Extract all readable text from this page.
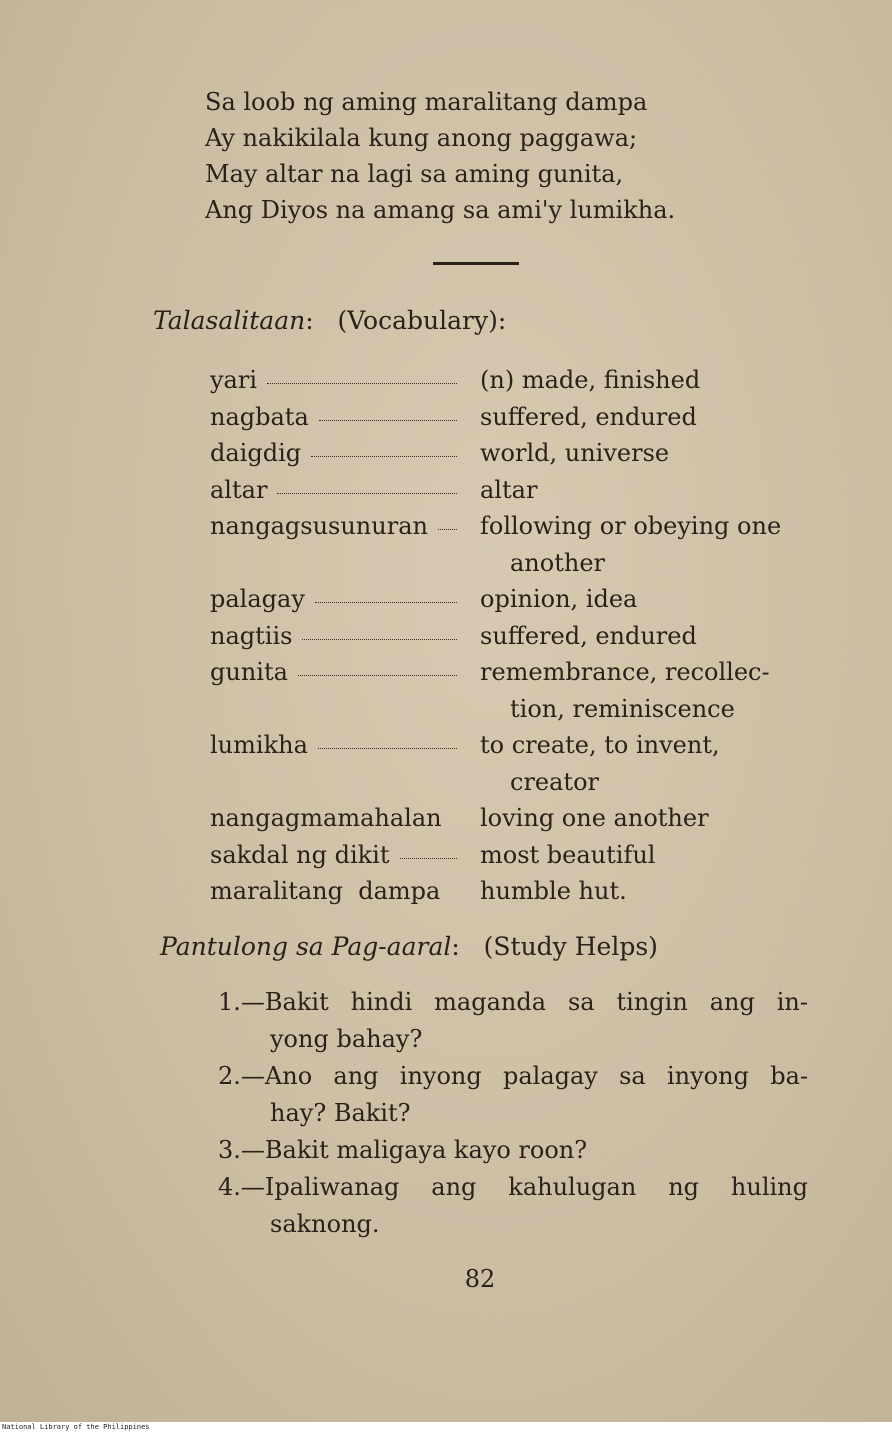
Sa loob ng aming maralitang dampa
Ay nakikilala kung anong paggawa;
May altar na lagi sa aming gunita,
Ang Diyos na amang sa ami'y lumikha.
Talasalitaan: (Vocabulary):
yari	(n) made, finished
nagbata	suffered, endured
daigdig	world, universe
altar	altar
nangagsusunuran	following or obeying one
another
palagay	opinion, idea
nagtiis	suffered, endured
gunita	remembrance, recollec-
tion, reminiscence
lumikha	to create, to invent,
creator
nangagmamahalan	loving one another
sakdal ng dikit	most beautiful
maralitang  dampa	humble hut.
Pantulong sa Pag-aaral: (Study Helps)
1.—Bakit hindi maganda sa tingin ang in-
yong bahay?
2.—Ano ang inyong palagay sa inyong ba-
hay? Bakit?
3.—Bakit maligaya kayo roon?
4.—Ipaliwanag ang kahulugan ng huling
saknong.
82
National Library of the Philippines
